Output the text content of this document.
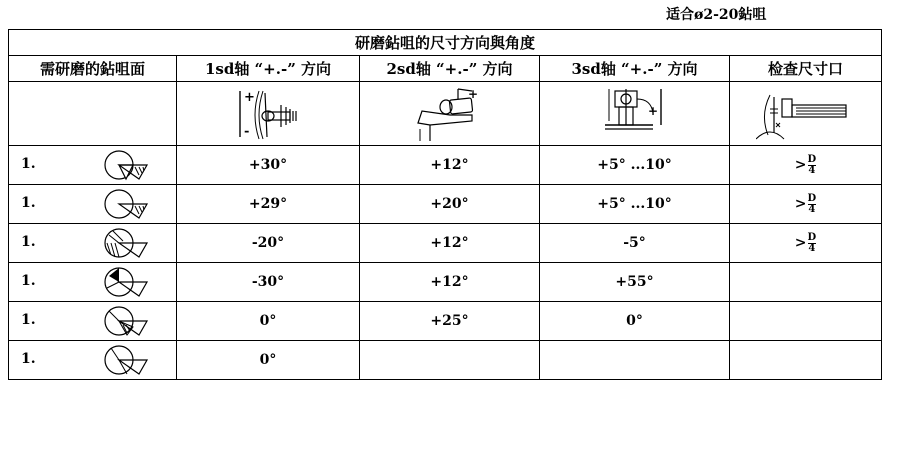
适合ø2-20鉆咀
研磨鉆咀的尺寸方向與角度				
需研磨的鉆咀面	1sd轴 “+.-” 方向	2sd轴 “+.-” 方向	3sd轴 “+.-” 方向	检查尺寸口

+
-	+	+

1.	+30°	+12°	+5° ...10°	> $\frac{D}{4}$

1.	+29°	+20°	+5° ...10°	> $\frac{D}{4}$

1.	-20°	+12°	-5°	> $\frac{D}{4}$

1.	-30°	+12°	+55°	

1.	0°	+25°	0°	

1.	0°			
